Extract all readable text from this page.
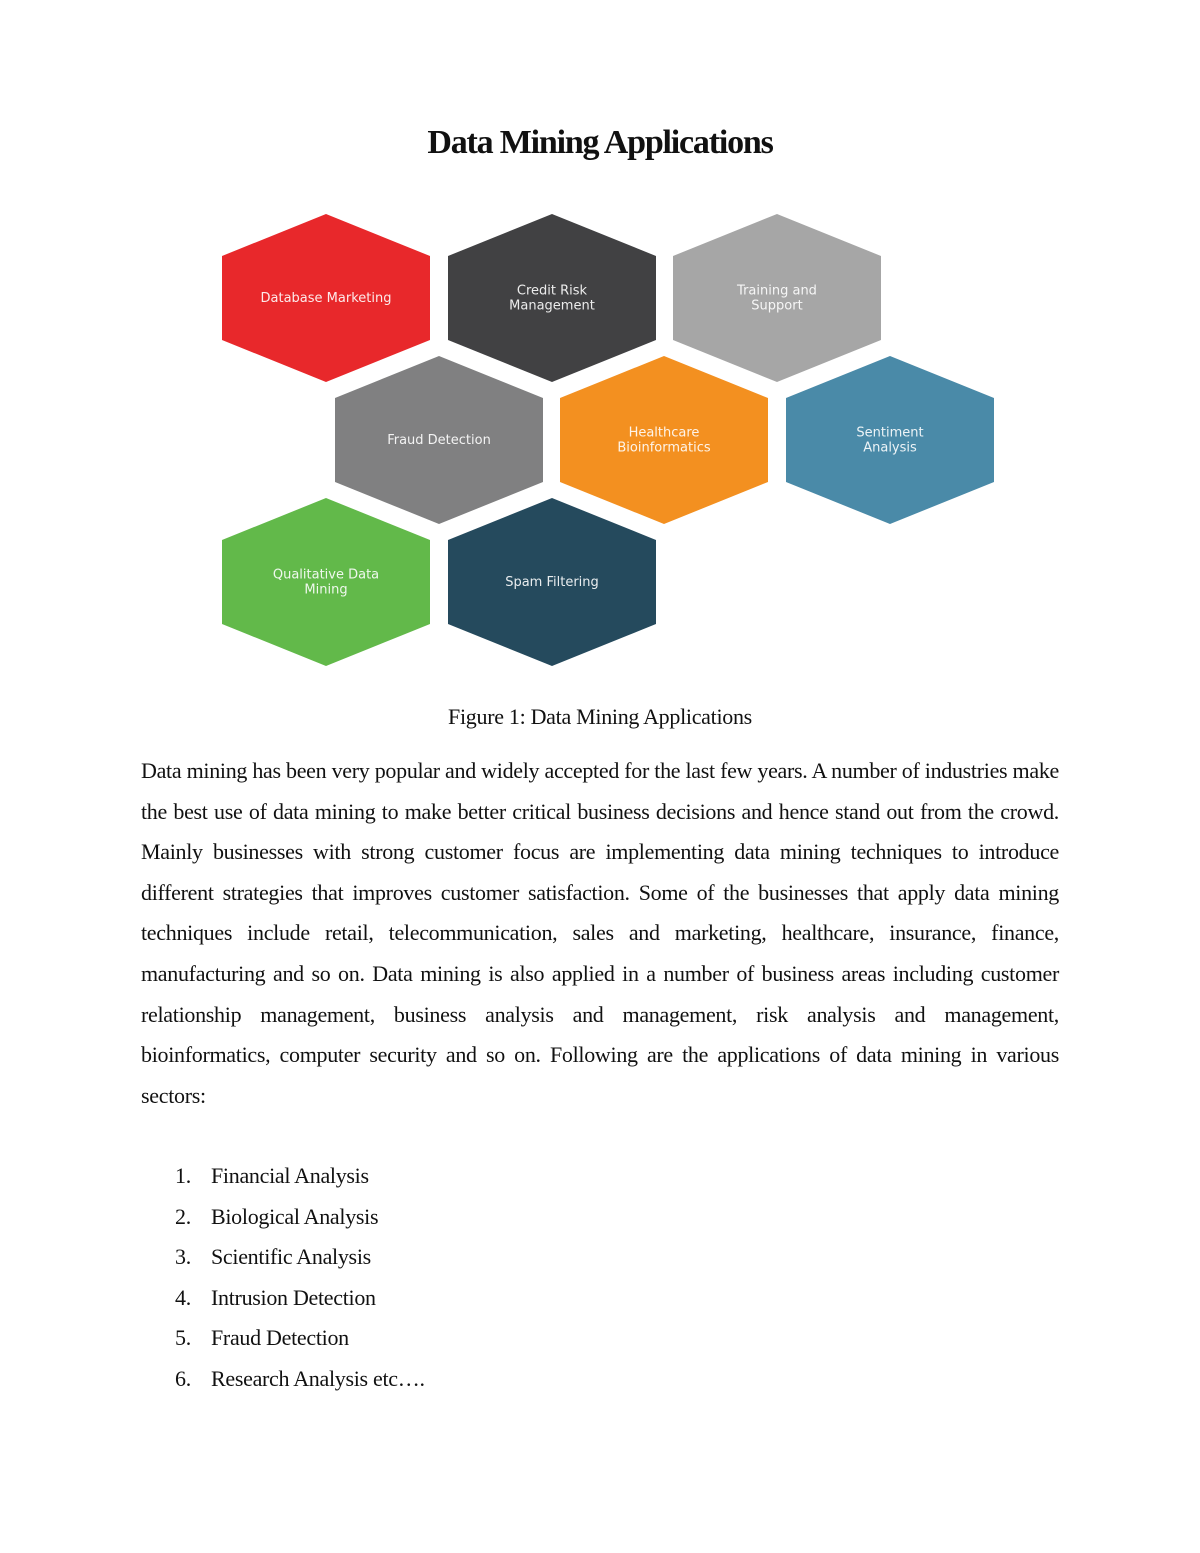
Data Mining Applications
Database Marketing	Credit Risk
Management
Training and
Support
Fraud Detection	Healthcare
Bioinformatics
Sentiment
Analysis
Qualitative Data
Mining	Spam Filtering
Figure 1: Data Mining Applications

Data mining has been very popular and widely accepted for the last few years. A number of industries make the best use of data mining to make better critical business decisions and hence stand out from the crowd. Mainly businesses with strong customer focus are implementing data mining techniques to introduce different strategies that improves customer satisfaction. Some of the businesses that apply data mining techniques include retail, telecommunication, sales and marketing, healthcare, insurance, finance, manufacturing and so on. Data mining is also applied in a number of business areas including customer relationship management, business analysis and management, risk analysis and management, bioinformatics, computer security and so on. Following are the applications of data mining in various sectors:

1. Financial Analysis
2. Biological Analysis
3. Scientific Analysis
4. Intrusion Detection
5. Fraud Detection
6. Research Analysis etc….
